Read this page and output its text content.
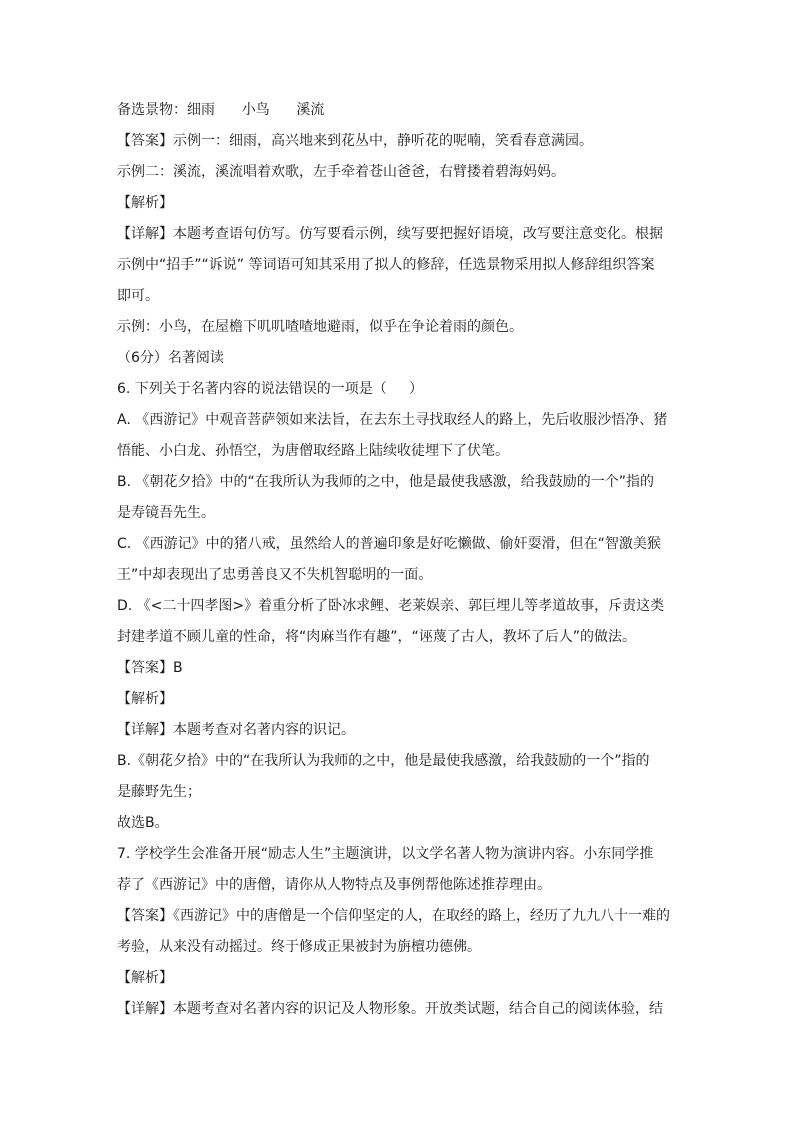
备选景物：细雨      小鸟      溪流
【答案】示例一：细雨，高兴地来到花丛中，静听花的呢喃，笑看春意满园。
示例二：溪流，溪流唱着欢歌，左手牵着苍山爸爸，右臂搂着碧海妈妈。
【解析】
【详解】本题考查语句仿写。仿写要看示例，续写要把握好语境，改写要注意变化。根据
示例中“招手”“诉说” 等词语可知其采用了拟人的修辞，任选景物采用拟人修辞组织答案
即可。
示例：小鸟，在屋檐下叽叽喳喳地避雨，似乎在争论着雨的颜色。
（6分）名著阅读
6. 下列关于名著内容的说法错误的一项是（     ）
A. 《西游记》中观音菩萨领如来法旨，在去东土寻找取经人的路上，先后收服沙悟净、猪
悟能、小白龙、孙悟空，为唐僧取经路上陆续收徒埋下了伏笔。
B. 《朝花夕拾》中的“在我所认为我师的之中，他是最使我感激，给我鼓励的一个”指的
是寿镜吾先生。
C. 《西游记》中的猪八戒，虽然给人的普遍印象是好吃懒做、偷奸耍滑，但在“智激美猴
王”中却表现出了忠勇善良又不失机智聪明的一面。
D. 《<二十四孝图>》着重分析了卧冰求鲤、老莱娱亲、郭巨埋儿等孝道故事，斥责这类
封建孝道不顾儿童的性命，将“肉麻当作有趣”，“诬蔑了古人，教坏了后人”的做法。
【答案】B
【解析】
【详解】本题考查对名著内容的识记。
B.《朝花夕拾》中的“在我所认为我师的之中，他是最使我感激，给我鼓励的一个”指的
是藤野先生；
故选B。
7. 学校学生会准备开展“励志人生”主题演讲，以文学名著人物为演讲内容。小东同学推
荐了《西游记》中的唐僧，请你从人物特点及事例帮他陈述推荐理由。
【答案】《西游记》中的唐僧是一个信仰坚定的人，在取经的路上，经历了九九八十一难的
考验，从来没有动摇过。终于修成正果被封为旃檀功德佛。
【解析】
【详解】本题考查对名著内容的识记及人物形象。开放类试题，结合自己的阅读体验，结
